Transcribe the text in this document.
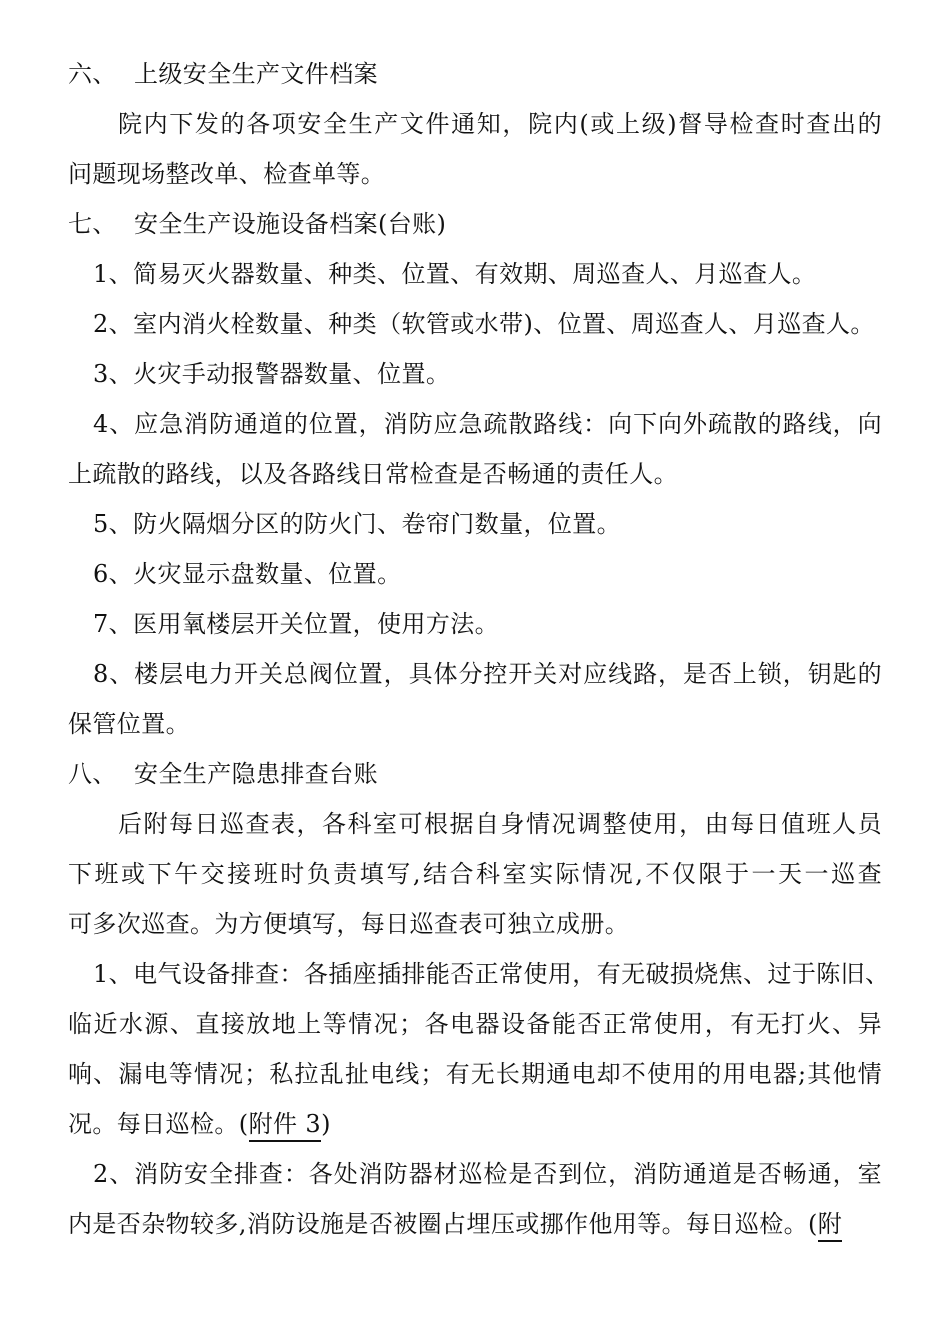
六、 上级安全生产文件档案
院内下发的各项安全生产文件通知，院内(或上级)督导检查时查出的
问题现场整改单、检查单等。
七、 安全生产设施设备档案(台账)
1、简易灭火器数量、种类、位置、有效期、周巡查人、月巡查人。
2、室内消火栓数量、种类（软管或水带)、位置、周巡查人、月巡查人。
3、火灾手动报警器数量、位置。
4、应急消防通道的位置，消防应急疏散路线：向下向外疏散的路线，向
上疏散的路线，以及各路线日常检查是否畅通的责任人。
5、防火隔烟分区的防火门、卷帘门数量，位置。
6、火灾显示盘数量、位置。
7、医用氧楼层开关位置，使用方法。
8、楼层电力开关总阀位置，具体分控开关对应线路，是否上锁，钥匙的
保管位置。
八、 安全生产隐患排查台账
后附每日巡查表，各科室可根据自身情况调整使用，由每日值班人员
下班或下午交接班时负责填写,结合科室实际情况,不仅限于一天一巡查
可多次巡查。为方便填写，每日巡查表可独立成册。
1、电气设备排查：各插座插排能否正常使用，有无破损烧焦、过于陈旧、
临近水源、直接放地上等情况；各电器设备能否正常使用，有无打火、异
响、漏电等情况；私拉乱扯电线；有无长期通电却不使用的用电器;其他情
况。每日巡检。(附件 3)
2、消防安全排查：各处消防器材巡检是否到位，消防通道是否畅通，室
内是否杂物较多,消防设施是否被圈占埋压或挪作他用等。每日巡检。(附
